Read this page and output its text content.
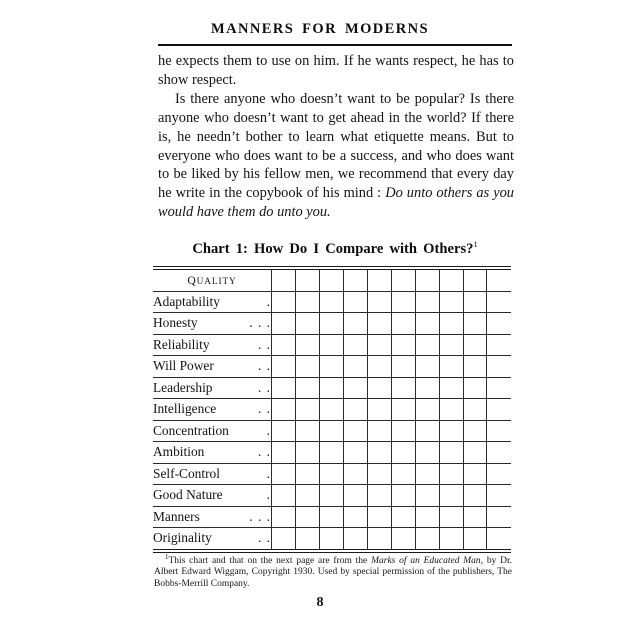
MANNERS FOR MODERNS

he expects them to use on him. If he wants respect, he has to show respect.

Is there anyone who doesn’t want to be popular? Is there anyone who doesn’t want to get ahead in the world? If there is, he needn’t bother to learn what etiquette means. But to everyone who does want to be a success, and who does want to be liked by his fellow men, we recommend that every day he write in the copybook of his mind : Do unto others as you would have them do unto you.

Chart 1: How Do I Compare with Others?$^1$
QUALITY										

Adaptability .										

Honesty . . .										

Reliability . .										

Will Power . .										

Leadership . .										

Intelligence . .										

Concentration .										

Ambition . .										

Self-Control .										

Good Nature .										

Manners . . .										

Originality . .										

$^1$This chart and that on the next page are from the Marks of an Educated Man, by Dr. Albert Edward Wiggam, Copyright 1930. Used by special permission of the publishers, The Bobbs-Merrill Company.
8
